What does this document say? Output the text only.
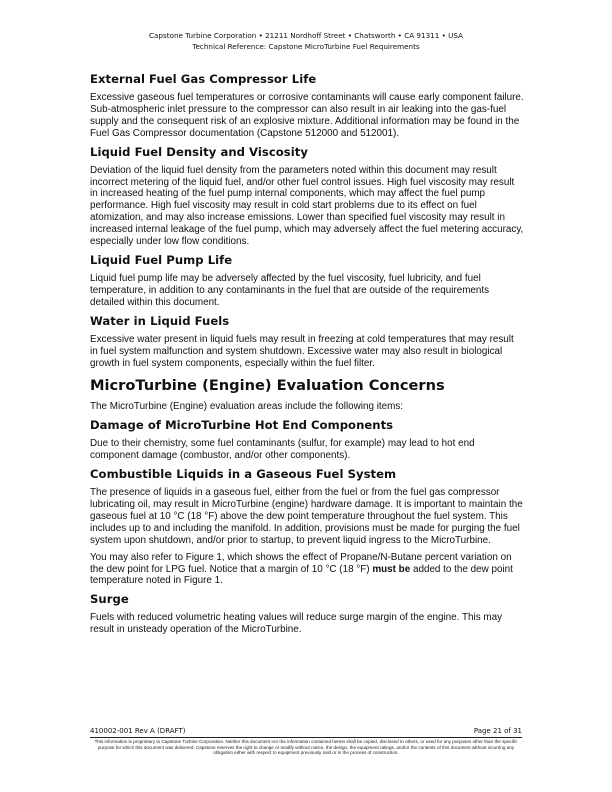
Capstone Turbine Corporation • 21211 Nordhoff Street • Chatsworth • CA 91311 • USA
Technical Reference: Capstone MicroTurbine Fuel Requirements
External Fuel Gas Compressor Life

Excessive gaseous fuel temperatures or corrosive contaminants will cause early component failure. Sub-atmospheric inlet pressure to the compressor can also result in air leaking into the gas-fuel supply and the consequent risk of an explosive mixture. Additional information may be found in the Fuel Gas Compressor documentation (Capstone 512000 and 512001).

Liquid Fuel Density and Viscosity

Deviation of the liquid fuel density from the parameters noted within this document may result incorrect metering of the liquid fuel, and/or other fuel control issues. High fuel viscosity may result in increased heating of the fuel pump internal components, which may affect the fuel pump performance. High fuel viscosity may result in cold start problems due to its effect on fuel atomization, and may also increase emissions. Lower than specified fuel viscosity may result in increased internal leakage of the fuel pump, which may adversely affect the fuel metering accuracy, especially under low flow conditions.

Liquid Fuel Pump Life

Liquid fuel pump life may be adversely affected by the fuel viscosity, fuel lubricity, and fuel temperature, in addition to any contaminants in the fuel that are outside of the requirements detailed within this document.

Water in Liquid Fuels

Excessive water present in liquid fuels may result in freezing at cold temperatures that may result in fuel system malfunction and system shutdown. Excessive water may also result in biological growth in fuel system components, especially within the fuel filter.

MicroTurbine (Engine) Evaluation Concerns

The MicroTurbine (Engine) evaluation areas include the following items:

Damage of MicroTurbine Hot End Components

Due to their chemistry, some fuel contaminants (sulfur, for example) may lead to hot end component damage (combustor, and/or other components).

Combustible Liquids in a Gaseous Fuel System

The presence of liquids in a gaseous fuel, either from the fuel or from the fuel gas compressor lubricating oil, may result in MicroTurbine (engine) hardware damage. It is important to maintain the gaseous fuel at 10 °C (18 °F) above the dew point temperature throughout the fuel system. This includes up to and including the manifold. In addition, provisions must be made for purging the fuel system upon shutdown, and/or prior to startup, to prevent liquid ingress to the MicroTurbine.

You may also refer to Figure 1, which shows the effect of Propane/N-Butane percent variation on the dew point for LPG fuel. Notice that a margin of 10 °C (18 °F) must be added to the dew point temperature noted in Figure 1.

Surge

Fuels with reduced volumetric heating values will reduce surge margin of the engine. This may result in unsteady operation of the MicroTurbine.

410002-001 Rev A (DRAFT)	Page 21 of 31
This information is proprietary to Capstone Turbine Corporation. Neither this document nor the information contained herein shall be copied, disclosed to others, or used for any purposes other than the specific purpose for which this document was delivered. Capstone reserves the right to change or modify without notice, the design, the equipment ratings, and/or the contents of this document without incurring any obligation either with respect to equipment previously sold or in the process of construction.
